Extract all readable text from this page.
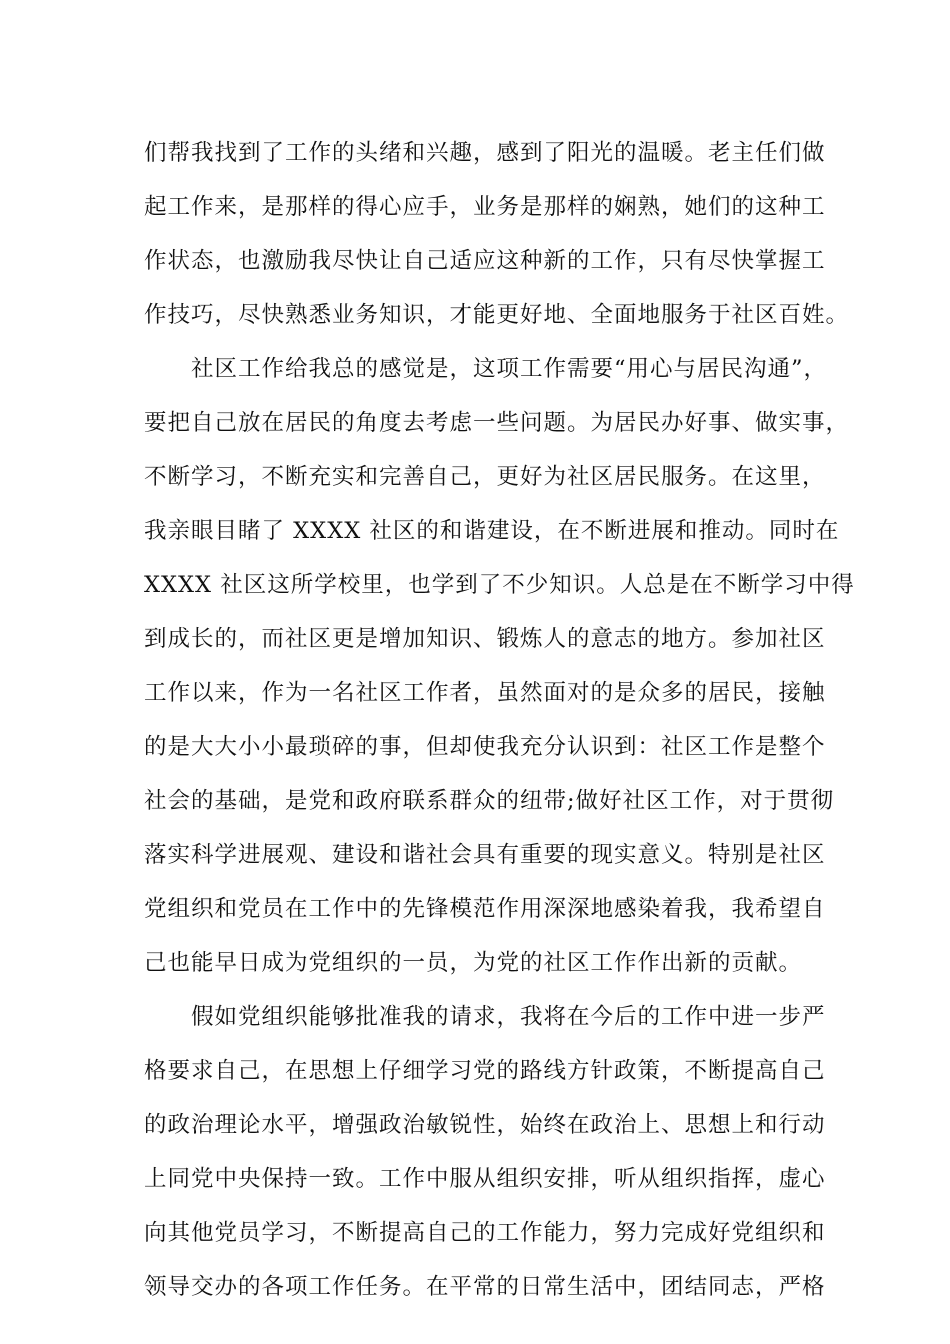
们帮我找到了工作的头绪和兴趣，感到了阳光的温暖。老主任们做
起工作来，是那样的得心应手，业务是那样的娴熟，她们的这种工
作状态，也激励我尽快让自己适应这种新的工作，只有尽快掌握工
作技巧，尽快熟悉业务知识，才能更好地、全面地服务于社区百姓。
　　社区工作给我总的感觉是，这项工作需要“用心与居民沟通”，
要把自己放在居民的角度去考虑一些问题。为居民办好事、做实事，
不断学习，不断充实和完善自己，更好为社区居民服务。在这里，
我亲眼目睹了 XXXX 社区的和谐建设，在不断进展和推动。同时在
XXXX 社区这所学校里，也学到了不少知识。人总是在不断学习中得
到成长的，而社区更是增加知识、锻炼人的意志的地方。参加社区
工作以来，作为一名社区工作者，虽然面对的是众多的居民，接触
的是大大小小最琐碎的事，但却使我充分认识到：社区工作是整个
社会的基础，是党和政府联系群众的纽带;做好社区工作，对于贯彻
落实科学进展观、建设和谐社会具有重要的现实意义。特别是社区
党组织和党员在工作中的先锋模范作用深深地感染着我，我希望自
己也能早日成为党组织的一员，为党的社区工作作出新的贡献。
　　假如党组织能够批准我的请求，我将在今后的工作中进一步严
格要求自己，在思想上仔细学习党的路线方针政策，不断提高自己
的政治理论水平，增强政治敏锐性，始终在政治上、思想上和行动
上同党中央保持一致。工作中服从组织安排，听从组织指挥，虚心
向其他党员学习，不断提高自己的工作能力，努力完成好党组织和
领导交办的各项工作任务。在平常的日常生活中，团结同志，严格
